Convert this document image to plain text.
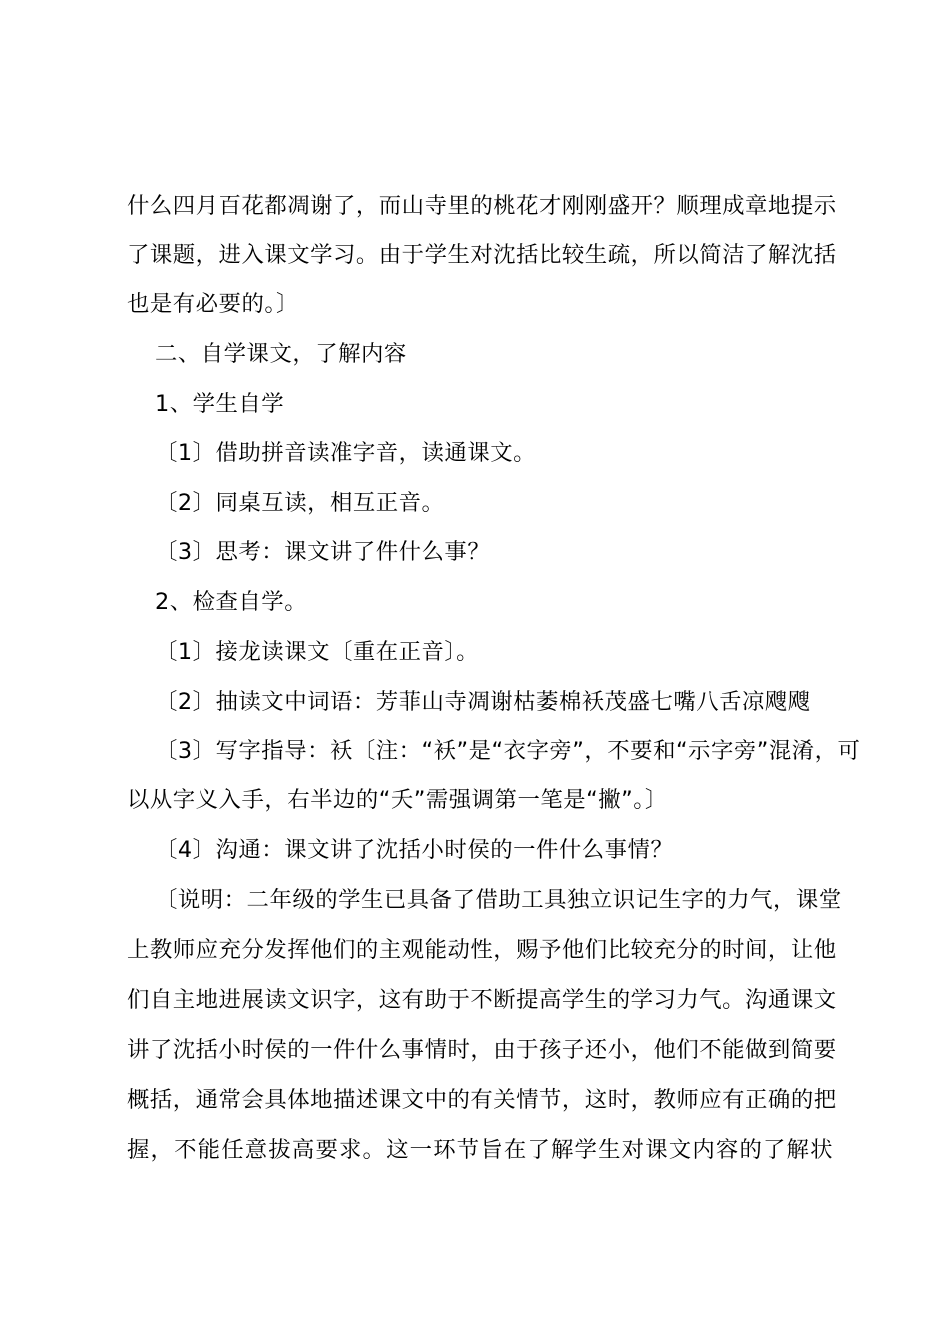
什么四月百花都凋谢了，而山寺里的桃花才刚刚盛开？顺理成章地提示
了课题，进入课文学习。由于学生对沈括比较生疏，所以简洁了解沈括
也是有必要的。〕
二、自学课文，了解内容
1、学生自学
〔1〕借助拼音读准字音，读通课文。
〔2〕同桌互读，相互正音。
〔3〕思考：课文讲了件什么事？
2、检查自学。
〔1〕接龙读课文〔重在正音〕。
〔2〕抽读文中词语：芳菲山寺凋谢枯萎棉袄茂盛七嘴八舌凉飕飕
〔3〕写字指导：袄〔注：“袄”是“衣字旁”，不要和“示字旁”混淆，可
以从字义入手，右半边的“夭”需强调第一笔是“撇”。〕
〔4〕沟通：课文讲了沈括小时侯的一件什么事情？
〔说明：二年级的学生已具备了借助工具独立识记生字的力气，课堂
上教师应充分发挥他们的主观能动性，赐予他们比较充分的时间，让他
们自主地进展读文识字，这有助于不断提高学生的学习力气。沟通课文
讲了沈括小时侯的一件什么事情时，由于孩子还小，他们不能做到简要
概括，通常会具体地描述课文中的有关情节，这时，教师应有正确的把
握，不能任意拔高要求。这一环节旨在了解学生对课文内容的了解状
